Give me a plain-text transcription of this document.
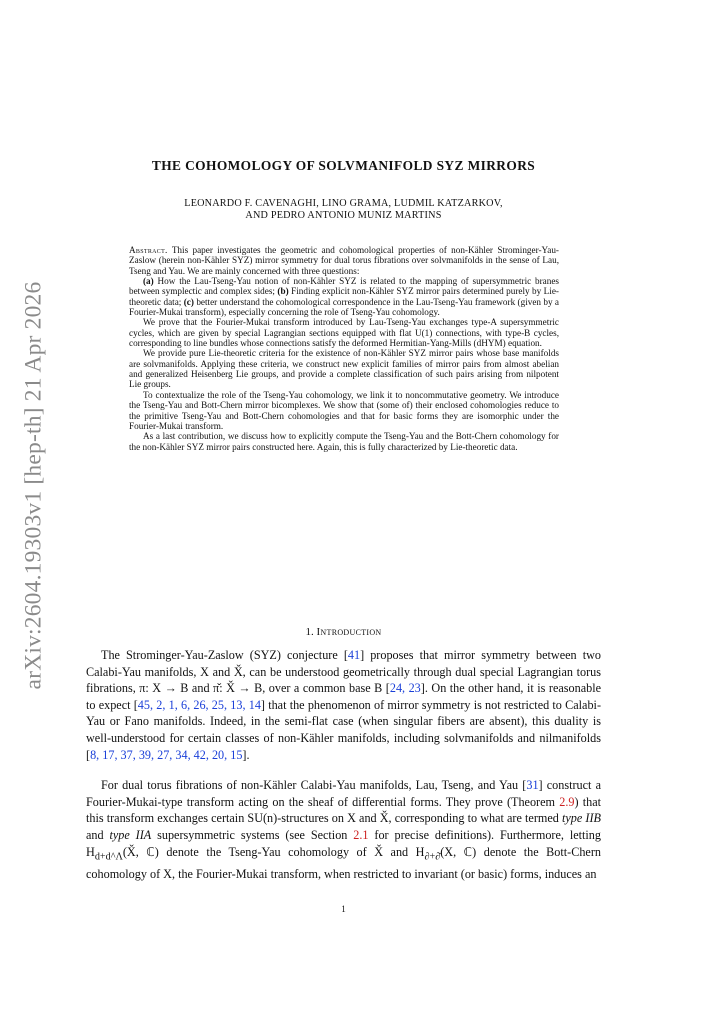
arXiv:2604.19303v1 [hep-th] 21 Apr 2026
THE COHOMOLOGY OF SOLVMANIFOLD SYZ MIRRORS
LEONARDO F. CAVENAGHI, LINO GRAMA, LUDMIL KATZARKOV,
AND PEDRO ANTONIO MUNIZ MARTINS

Abstract. This paper investigates the geometric and cohomological properties of non-Kähler Strominger-Yau-Zaslow (herein non-Kähler SYZ) mirror symmetry for dual torus fibrations over solvmanifolds in the sense of Lau, Tseng and Yau. We are mainly concerned with three questions:

(a) How the Lau-Tseng-Yau notion of non-Kähler SYZ is related to the mapping of supersymmetric branes between symplectic and complex sides; (b) Finding explicit non-Kähler SYZ mirror pairs determined purely by Lie-theoretic data; (c) better understand the cohomological correspondence in the Lau-Tseng-Yau framework (given by a Fourier-Mukai transform), especially concerning the role of Tseng-Yau cohomology.

We prove that the Fourier-Mukai transform introduced by Lau-Tseng-Yau exchanges type-A supersymmetric cycles, which are given by special Lagrangian sections equipped with flat U(1) connections, with type-B cycles, corresponding to line bundles whose connections satisfy the deformed Hermitian-Yang-Mills (dHYM) equation.

We provide pure Lie-theoretic criteria for the existence of non-Kähler SYZ mirror pairs whose base manifolds are solvmanifolds. Applying these criteria, we construct new explicit families of mirror pairs from almost abelian and generalized Heisenberg Lie groups, and provide a complete classification of such pairs arising from nilpotent Lie groups.

To contextualize the role of the Tseng-Yau cohomology, we link it to noncommutative geometry. We introduce the Tseng-Yau and Bott-Chern mirror bicomplexes. We show that (some of) their enclosed cohomologies reduce to the primitive Tseng-Yau and Bott-Chern cohomologies and that for basic forms they are isomorphic under the Fourier-Mukai transform.

As a last contribution, we discuss how to explicitly compute the Tseng-Yau and the Bott-Chern cohomology for the non-Kähler SYZ mirror pairs constructed here. Again, this is fully characterized by Lie-theoretic data.

1. Introduction

The Strominger-Yau-Zaslow (SYZ) conjecture [41] proposes that mirror symmetry between two Calabi-Yau manifolds, X and X̌, can be understood geometrically through dual special Lagrangian torus fibrations, π: X → B and π̌: X̌ → B, over a common base B [24, 23]. On the other hand, it is reasonable to expect [45, 2, 1, 6, 26, 25, 13, 14] that the phenomenon of mirror symmetry is not restricted to Calabi-Yau or Fano manifolds. Indeed, in the semi-flat case (when singular fibers are absent), this duality is well-understood for certain classes of non-Kähler manifolds, including solvmanifolds and nilmanifolds [8, 17, 37, 39, 27, 34, 42, 20, 15].

For dual torus fibrations of non-Kähler Calabi-Yau manifolds, Lau, Tseng, and Yau [31] construct a Fourier-Mukai-type transform acting on the sheaf of differential forms. They prove (Theorem 2.9) that this transform exchanges certain SU(n)-structures on X and X̌, corresponding to what are termed type IIB and type IIA supersymmetric systems (see Section 2.1 for precise definitions). Furthermore, letting $H_{d+d\^{}\Lambda}(X̌$, ℂ) denote the Tseng-Yau cohomology of X̌ and $H_{\partial+\partial̄}(X$, ℂ) denote the Bott-Chern cohomology of X, the Fourier-Mukai transform, when restricted to invariant (or basic) forms, induces an

1
